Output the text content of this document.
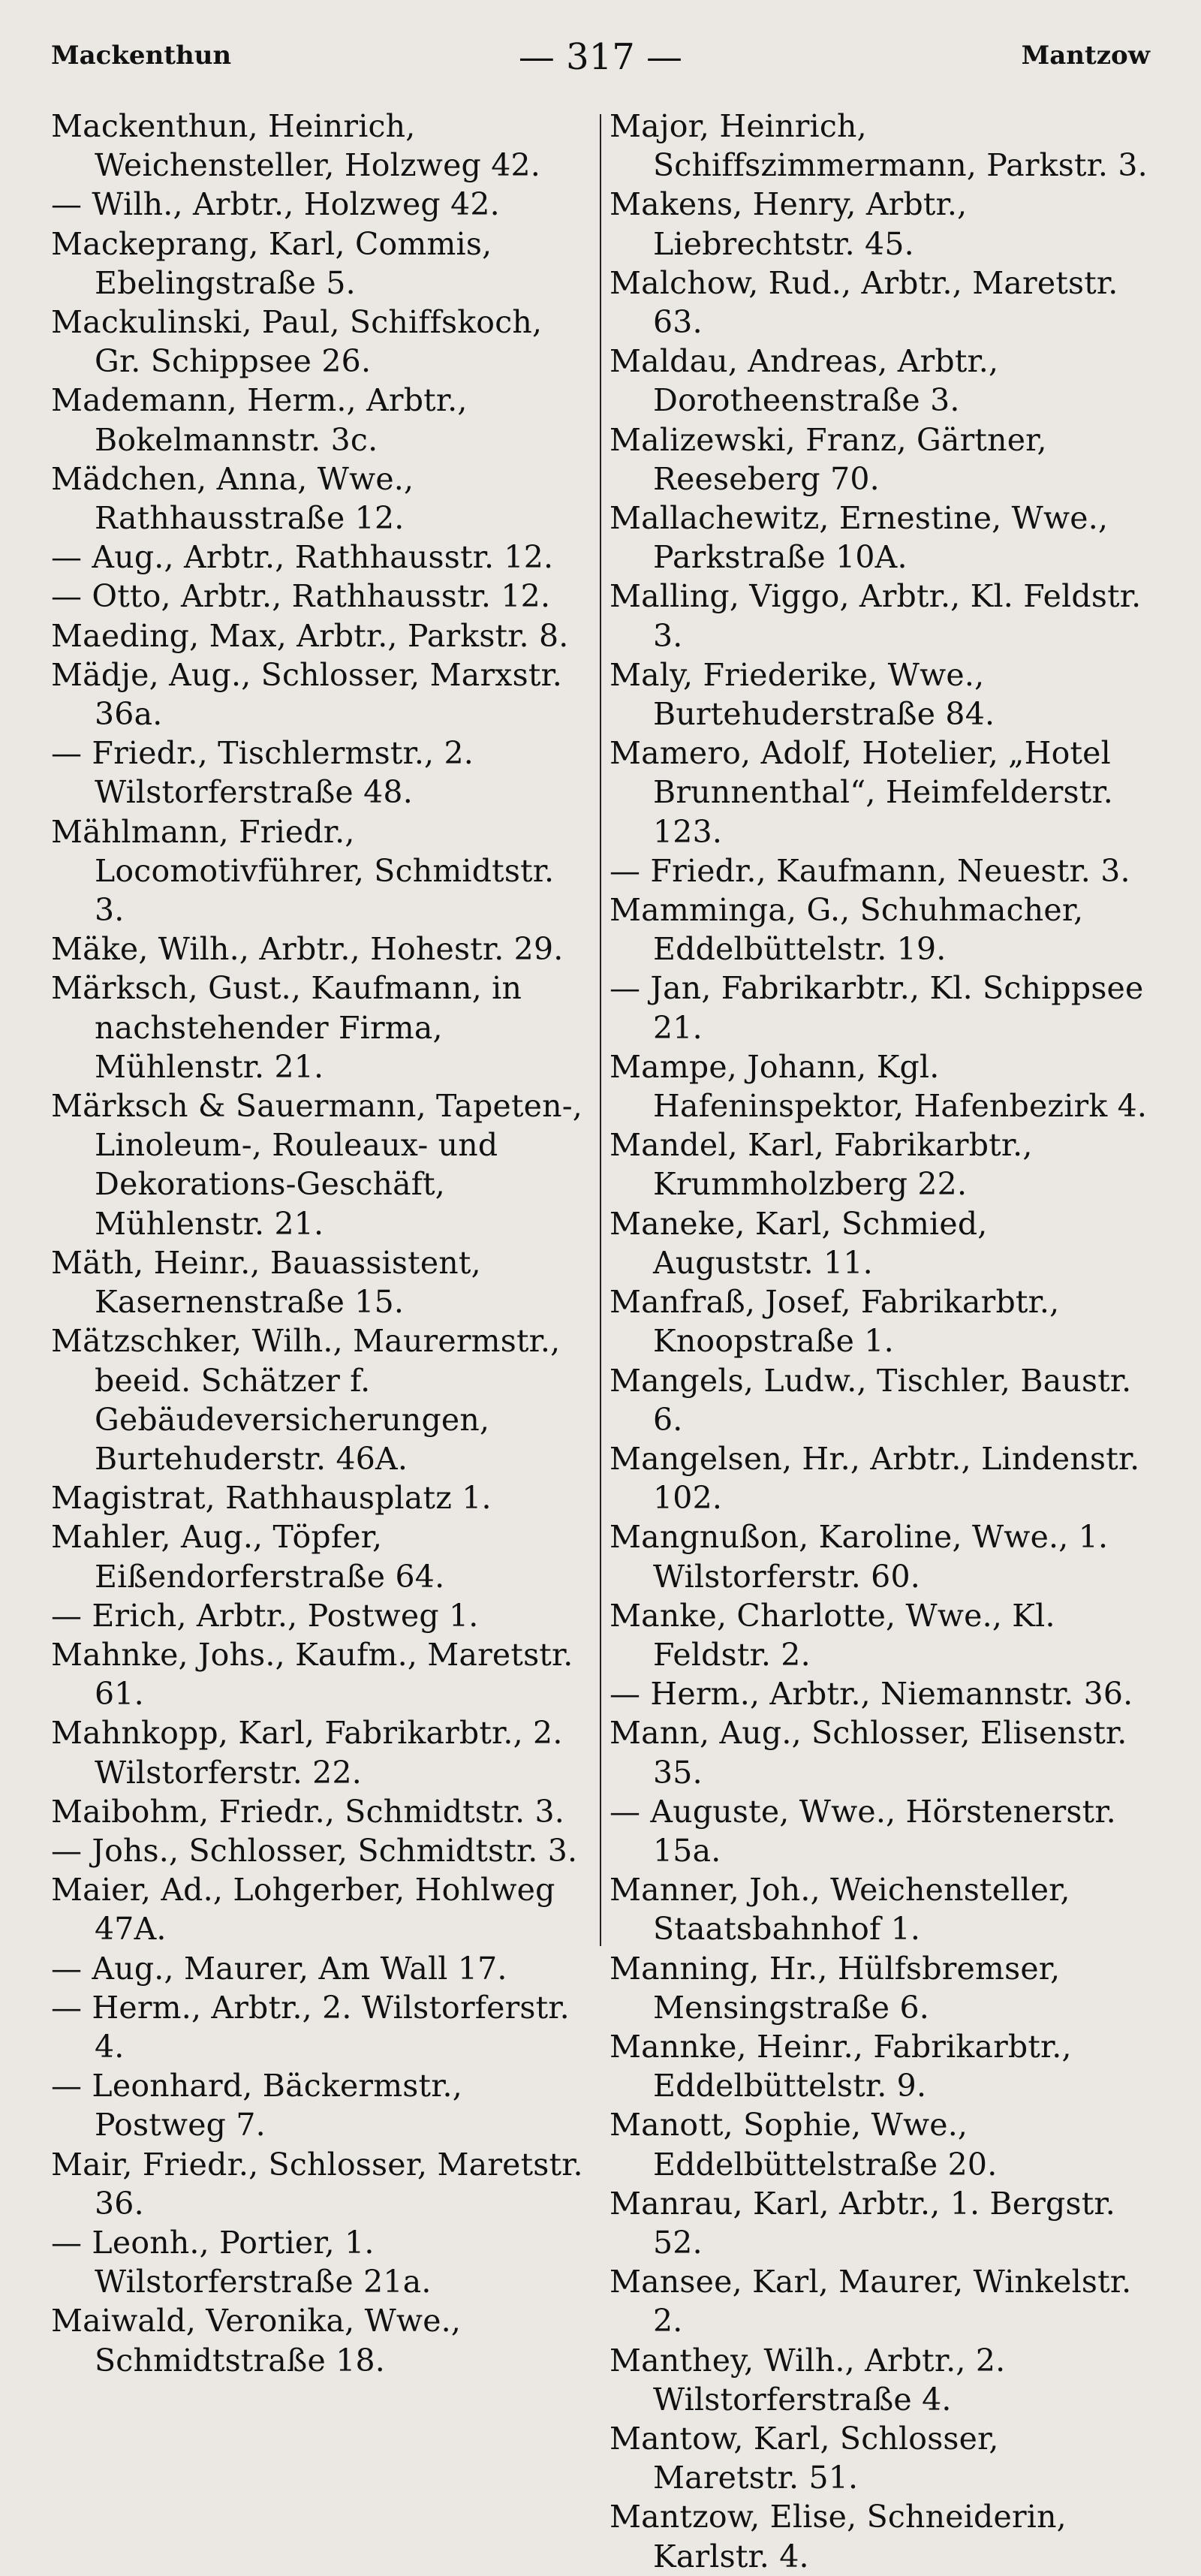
Mackenthun	— 317 —	Mantzow

Mackenthun, Heinrich, Weichensteller, Holzweg 42.

— Wilh., Arbtr., Holzweg 42.

Mackeprang, Karl, Commis, Ebelingstraße 5.

Mackulinski, Paul, Schiffskoch, Gr. Schippsee 26.

Mademann, Herm., Arbtr., Bokelmannstr. 3c.

Mädchen, Anna, Wwe., Rathhausstraße 12.

— Aug., Arbtr., Rathhausstr. 12.

— Otto, Arbtr., Rathhausstr. 12.

Maeding, Max, Arbtr., Parkstr. 8.

Mädje, Aug., Schlosser, Marxstr. 36a.

— Friedr., Tischlermstr., 2. Wilstorferstraße 48.

Mählmann, Friedr., Locomotivführer, Schmidtstr. 3.

Mäke, Wilh., Arbtr., Hohestr. 29.

Märksch, Gust., Kaufmann, in nachstehender Firma, Mühlenstr. 21.

Märksch & Sauermann, Tapeten-, Linoleum-, Rouleaux- und Dekorations-Geschäft, Mühlenstr. 21.

Mäth, Heinr., Bauassistent, Kasernenstraße 15.

Mätzschker, Wilh., Maurermstr., beeid. Schätzer f. Gebäudeversicherungen, Burtehuderstr. 46A.

Magistrat, Rathhausplatz 1.

Mahler, Aug., Töpfer, Eißendorferstraße 64.

— Erich, Arbtr., Postweg 1.

Mahnke, Johs., Kaufm., Maretstr. 61.

Mahnkopp, Karl, Fabrikarbtr., 2. Wilstorferstr. 22.

Maibohm, Friedr., Schmidtstr. 3.

— Johs., Schlosser, Schmidtstr. 3.

Maier, Ad., Lohgerber, Hohlweg 47A.

— Aug., Maurer, Am Wall 17.

— Herm., Arbtr., 2. Wilstorferstr. 4.

— Leonhard, Bäckermstr., Postweg 7.

Mair, Friedr., Schlosser, Maretstr. 36.

— Leonh., Portier, 1. Wilstorferstraße 21a.

Maiwald, Veronika, Wwe., Schmidtstraße 18.

Major, Heinrich, Schiffszimmermann, Parkstr. 3.

Makens, Henry, Arbtr., Liebrechtstr. 45.

Malchow, Rud., Arbtr., Maretstr. 63.

Maldau, Andreas, Arbtr., Dorotheenstraße 3.

Malizewski, Franz, Gärtner, Reeseberg 70.

Mallachewitz, Ernestine, Wwe., Parkstraße 10A.

Malling, Viggo, Arbtr., Kl. Feldstr. 3.

Maly, Friederike, Wwe., Burtehuderstraße 84.

Mamero, Adolf, Hotelier, „Hotel Brunnenthal“, Heimfelderstr. 123.

— Friedr., Kaufmann, Neuestr. 3.

Mamminga, G., Schuhmacher, Eddelbüttelstr. 19.

— Jan, Fabrikarbtr., Kl. Schippsee 21.

Mampe, Johann, Kgl. Hafeninspektor, Hafenbezirk 4.

Mandel, Karl, Fabrikarbtr., Krummholzberg 22.

Maneke, Karl, Schmied, Auguststr. 11.

Manfraß, Josef, Fabrikarbtr., Knoopstraße 1.

Mangels, Ludw., Tischler, Baustr. 6.

Mangelsen, Hr., Arbtr., Lindenstr. 102.

Mangnußon, Karoline, Wwe., 1. Wilstorferstr. 60.

Manke, Charlotte, Wwe., Kl. Feldstr. 2.

— Herm., Arbtr., Niemannstr. 36.

Mann, Aug., Schlosser, Elisenstr. 35.

— Auguste, Wwe., Hörstenerstr. 15a.

Manner, Joh., Weichensteller, Staatsbahnhof 1.

Manning, Hr., Hülfsbremser, Mensingstraße 6.

Mannke, Heinr., Fabrikarbtr., Eddelbüttelstr. 9.

Manott, Sophie, Wwe., Eddelbüttelstraße 20.

Manrau, Karl, Arbtr., 1. Bergstr. 52.

Mansee, Karl, Maurer, Winkelstr. 2.

Manthey, Wilh., Arbtr., 2. Wilstorferstraße 4.

Mantow, Karl, Schlosser, Maretstr. 51.

Mantzow, Elise, Schneiderin, Karlstr. 4.
